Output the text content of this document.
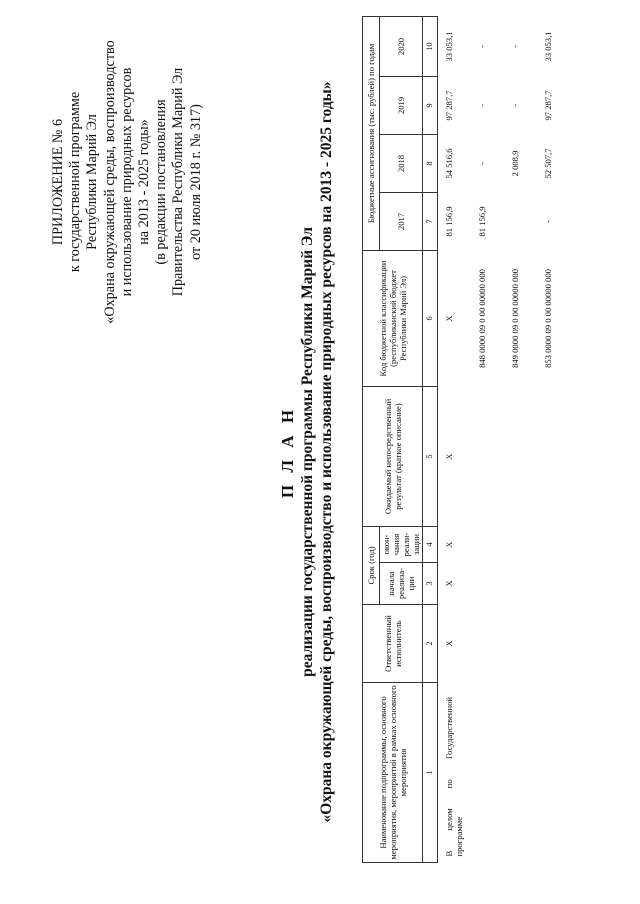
ПРИЛОЖЕНИЕ № 6 к государственной программе Республики Марий Эл «Охрана окружающей среды, воспроизводство и использование природных ресурсов на 2013 - 2025 годы» (в редакции постановления Правительства Республики Марий Эл от 20 июля 2018 г. № 317)
П Л А Н реализации государственной программы Республики Марий Эл «Охрана окружающей среды, воспроизводство и использование природных ресурсов на 2013 - 2025 годы»	Наименование подпрограммы, основного мероприятия, мероприятий в рамках основного мероприятия	Ответственный исполнитель	Срок (год)		Ожидаемый непосредственный результат (краткое описание)	Код бюджетной классификации (республиканский бюджет Республики Марий Эл)	Бюджетные ассигнования (тыс. рублей) по годам			
		начала реализа-ции	окон-чания реали-зации						
						2017	2018	2019	2020
1	2	3	4	5	6	7	8	9	10
В целом по Государственной программе	Х	Х	Х	Х	Х	81 156,9	54 516,6	97 287,7	33 053,1
					848 0000 09 0 00 00000 000	81 156,9	-	-	-
					849 0000 09 0 00 00000 000		2 008,9	-	-
					853 0000 09 0 00 00000 000	-	52 507,7	97 287,7	33 053,1
